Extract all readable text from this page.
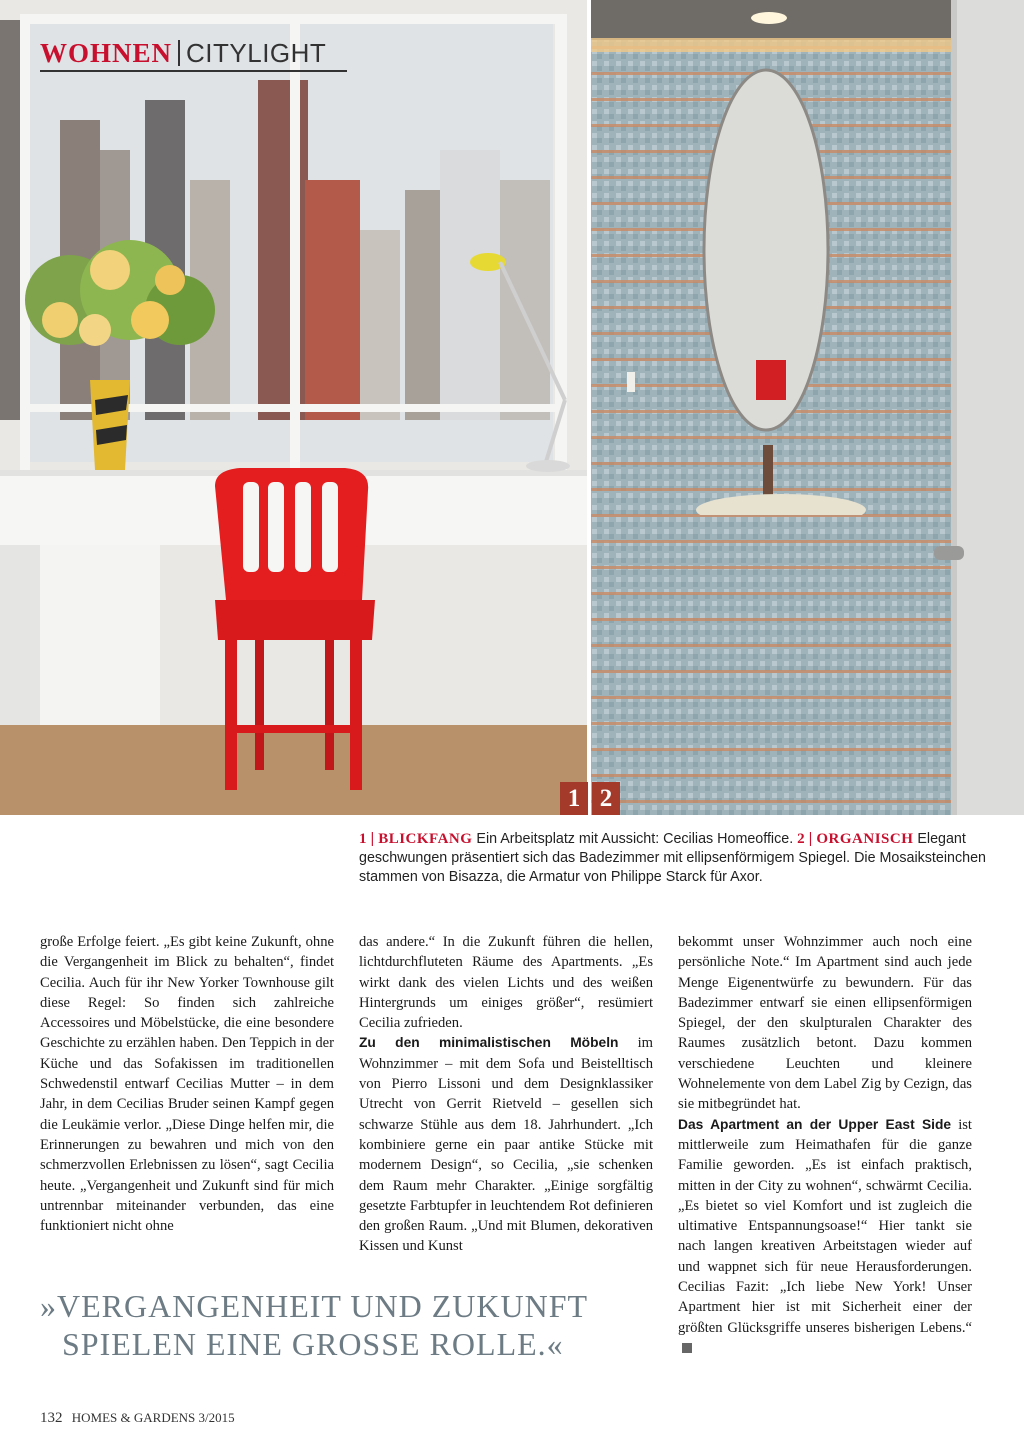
WOHNEN CITYLIGHT
1 2
1 | BLICKFANG Ein Arbeitsplatz mit Aussicht: Cecilias Homeoffice. 2 | ORGANISCH Elegant geschwungen präsentiert sich das Badezimmer mit ellipsenförmigem Spiegel. Die Mosaiksteinchen stammen von Bisazza, die Armatur von Philippe Starck für Axor.

große Erfolge feiert. „Es gibt keine Zukunft, ohne die Vergangenheit im Blick zu behalten“, findet Cecilia. Auch für ihr New Yorker Townhouse gilt diese Regel: So finden sich zahlreiche Accessoires und Möbelstücke, die eine besondere Geschichte zu erzählen haben. Den Teppich in der Küche und das Sofakissen im traditionellen Schwedenstil entwarf Cecilias Mutter – in dem Jahr, in dem Cecilias Bruder seinen Kampf gegen die Leukämie verlor. „Diese Dinge helfen mir, die Erinnerungen zu bewahren und mich von den schmerzvollen Erlebnissen zu lösen“, sagt Cecilia heute. „Vergangenheit und Zukunft sind für mich untrennbar miteinander verbunden, das eine funktioniert nicht ohne

das andere.“ In die Zukunft führen die hellen, lichtdurchfluteten Räume des Apartments. „Es wirkt dank des vielen Lichts und des weißen Hintergrunds um einiges größer“, resümiert Cecilia zufrieden.

Zu den minimalistischen Möbeln im Wohnzimmer – mit dem Sofa und Beistelltisch von Pierro Lissoni und dem Designklassiker Utrecht von Gerrit Rietveld – gesellen sich schwarze Stühle aus dem 18. Jahrhundert. „Ich kombiniere gerne ein paar antike Stücke mit modernem Design“, so Cecilia, „sie schenken dem Raum mehr Charakter. „Einige sorgfältig gesetzte Farbtupfer in leuchtendem Rot definieren den großen Raum. „Und mit Blumen, dekorativen Kissen und Kunst

bekommt unser Wohnzimmer auch noch eine persönliche Note.“ Im Apartment sind auch jede Menge Eigenentwürfe zu bewundern. Für das Badezimmer entwarf sie einen ellipsenförmigen Spiegel, der den skulpturalen Charakter des Raumes zusätzlich betont. Dazu kommen verschiedene Leuchten und kleinere Wohnelemente von dem Label Zig by Cezign, das sie mitbegründet hat.

Das Apartment an der Upper East Side ist mittlerweile zum Heimathafen für die ganze Familie geworden. „Es ist einfach praktisch, mitten in der City zu wohnen“, schwärmt Cecilia. „Es bietet so viel Komfort und ist zugleich die ultimative Entspannungsoase!“ Hier tankt sie nach langen kreativen Arbeitstagen wieder auf und wappnet sich für neue Herausforderungen. Cecilias Fazit: „Ich liebe New York! Unser Apartment hier ist mit Sicherheit einer der größten Glücksgriffe unseres bisherigen Lebens.“

»VERGANGENHEIT UND ZUKUNFT
SPIELEN EINE GROSSE ROLLE.«
132 HOMES & GARDENS 3/2015
